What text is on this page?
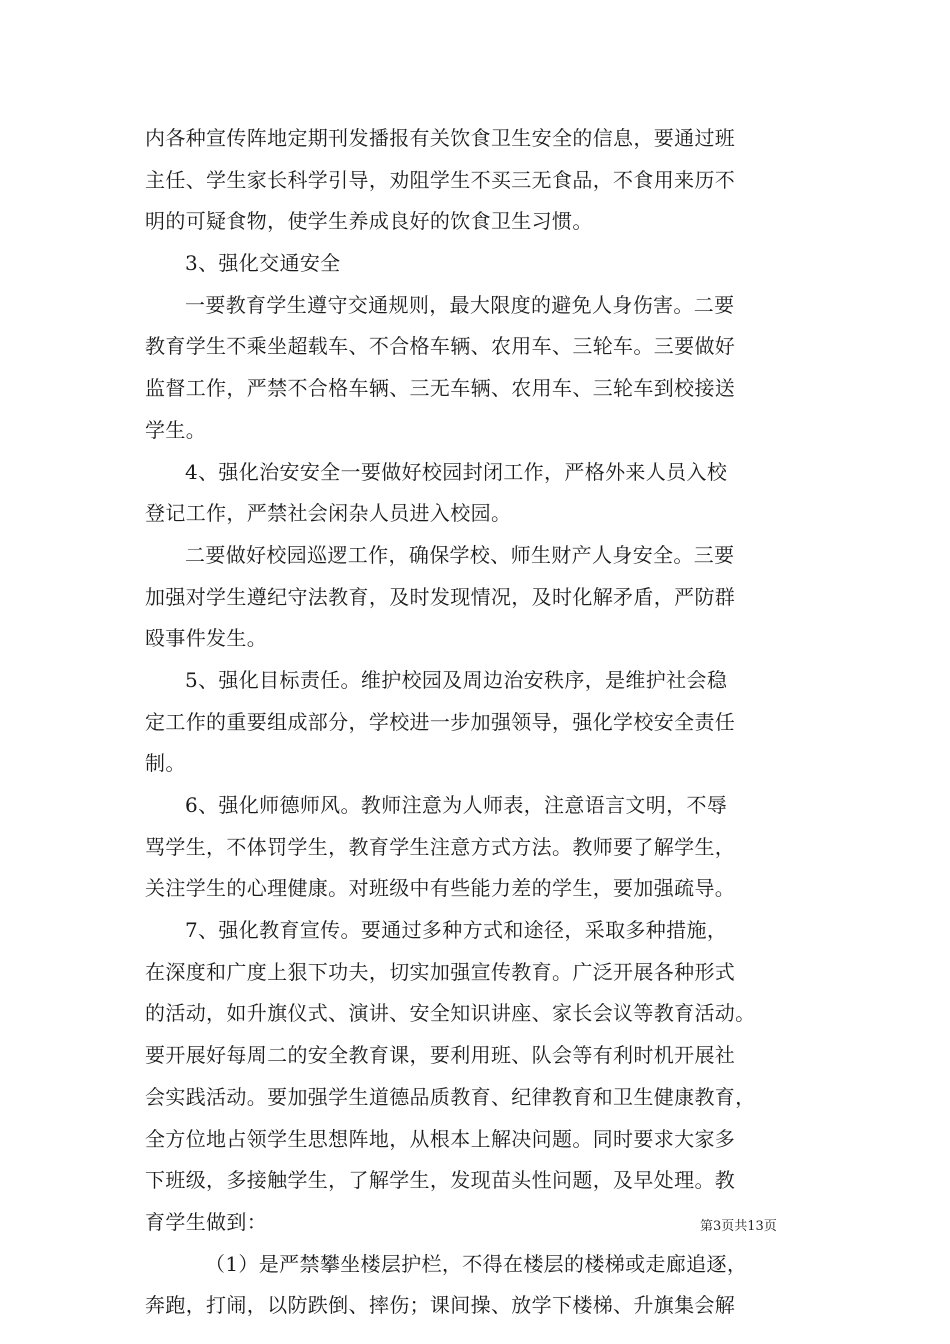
内各种宣传阵地定期刊发播报有关饮食卫生安全的信息，要通过班
主任、学生家长科学引导，劝阻学生不买三无食品，不食用来历不
明的可疑食物，使学生养成良好的饮食卫生习惯。
3、强化交通安全
一要教育学生遵守交通规则，最大限度的避免人身伤害。二要
教育学生不乘坐超载车、不合格车辆、农用车、三轮车。三要做好
监督工作，严禁不合格车辆、三无车辆、农用车、三轮车到校接送
学生。
4、强化治安安全一要做好校园封闭工作，严格外来人员入校
登记工作，严禁社会闲杂人员进入校园。
二要做好校园巡逻工作，确保学校、师生财产人身安全。三要
加强对学生遵纪守法教育，及时发现情况，及时化解矛盾，严防群
殴事件发生。
5、强化目标责任。维护校园及周边治安秩序，是维护社会稳
定工作的重要组成部分，学校进一步加强领导，强化学校安全责任
制。
6、强化师德师风。教师注意为人师表，注意语言文明，不辱
骂学生，不体罚学生，教育学生注意方式方法。教师要了解学生，
关注学生的心理健康。对班级中有些能力差的学生，要加强疏导。
7、强化教育宣传。要通过多种方式和途径，采取多种措施，
在深度和广度上狠下功夫，切实加强宣传教育。广泛开展各种形式
的活动，如升旗仪式、演讲、安全知识讲座、家长会议等教育活动。
要开展好每周二的安全教育课，要利用班、队会等有利时机开展社
会实践活动。要加强学生道德品质教育、纪律教育和卫生健康教育，
全方位地占领学生思想阵地，从根本上解决问题。同时要求大家多
下班级，多接触学生，了解学生，发现苗头性问题，及早处理。教
育学生做到：
（1）是严禁攀坐楼层护栏，不得在楼层的楼梯或走廊追逐，
奔跑，打闹，以防跌倒、摔伤；课间操、放学下楼梯、升旗集会解
第3页共13页
